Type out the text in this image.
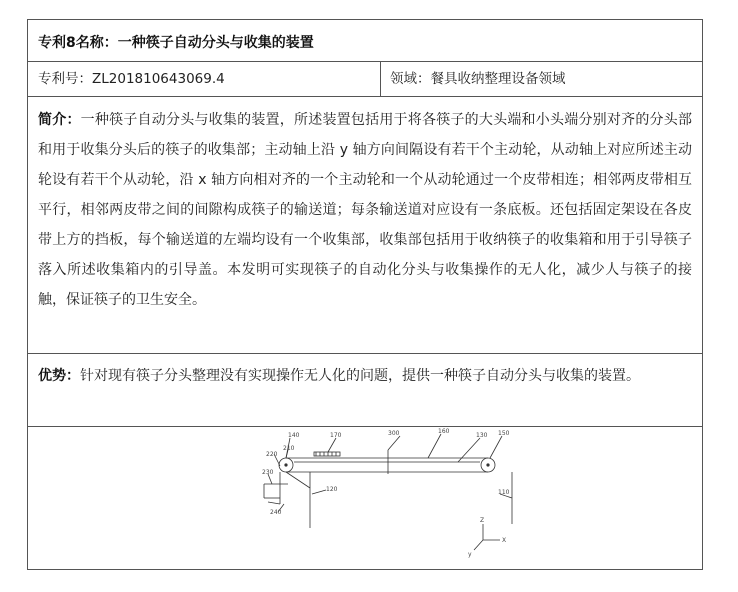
专利8名称：一种筷子自动分头与收集的装置
专利号：ZL201810643069.4	领域：餐具收纳整理设备领域
简介：一种筷子自动分头与收集的装置，所述装置包括用于将各筷子的大头端和小头端分别对齐的分头部和用于收集分头后的筷子的收集部；主动轴上沿 y 轴方向间隔设有若干个主动轮，从动轴上对应所述主动轮设有若干个从动轮，沿 x 轴方向相对齐的一个主动轮和一个从动轮通过一个皮带相连；相邻两皮带相互平行，相邻两皮带之间的间隙构成筷子的输送道；每条输送道对应设有一条底板。还包括固定架设在各皮带上方的挡板，每个输送道的左端均设有一个收集部，收集部包括用于收纳筷子的收集箱和用于引导筷子落入所述收集箱内的引导盖。本发明可实现筷子的自动化分头与收集操作的无人化，减少人与筷子的接触，保证筷子的卫生安全。
优势：针对现有筷子分头整理没有实现操作无人化的问题，提供一种筷子自动分头与收集的装置。
140	170	300	160
130 150
220
210
230
120	110
240
Z
X
y
